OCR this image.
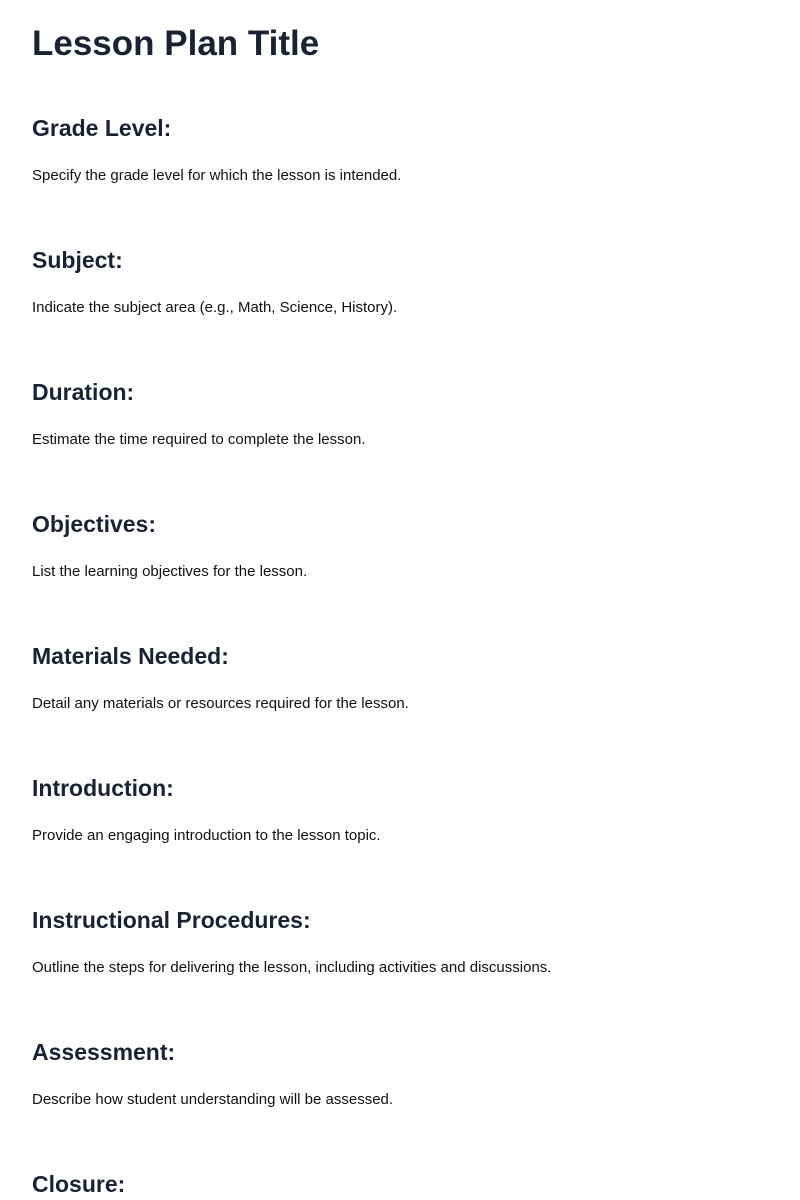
Lesson Plan Title
Grade Level:

Specify the grade level for which the lesson is intended.

Subject:

Indicate the subject area (e.g., Math, Science, History).

Duration:

Estimate the time required to complete the lesson.

Objectives:

List the learning objectives for the lesson.

Materials Needed:

Detail any materials or resources required for the lesson.

Introduction:

Provide an engaging introduction to the lesson topic.

Instructional Procedures:

Outline the steps for delivering the lesson, including activities and discussions.

Assessment:

Describe how student understanding will be assessed.

Closure:
